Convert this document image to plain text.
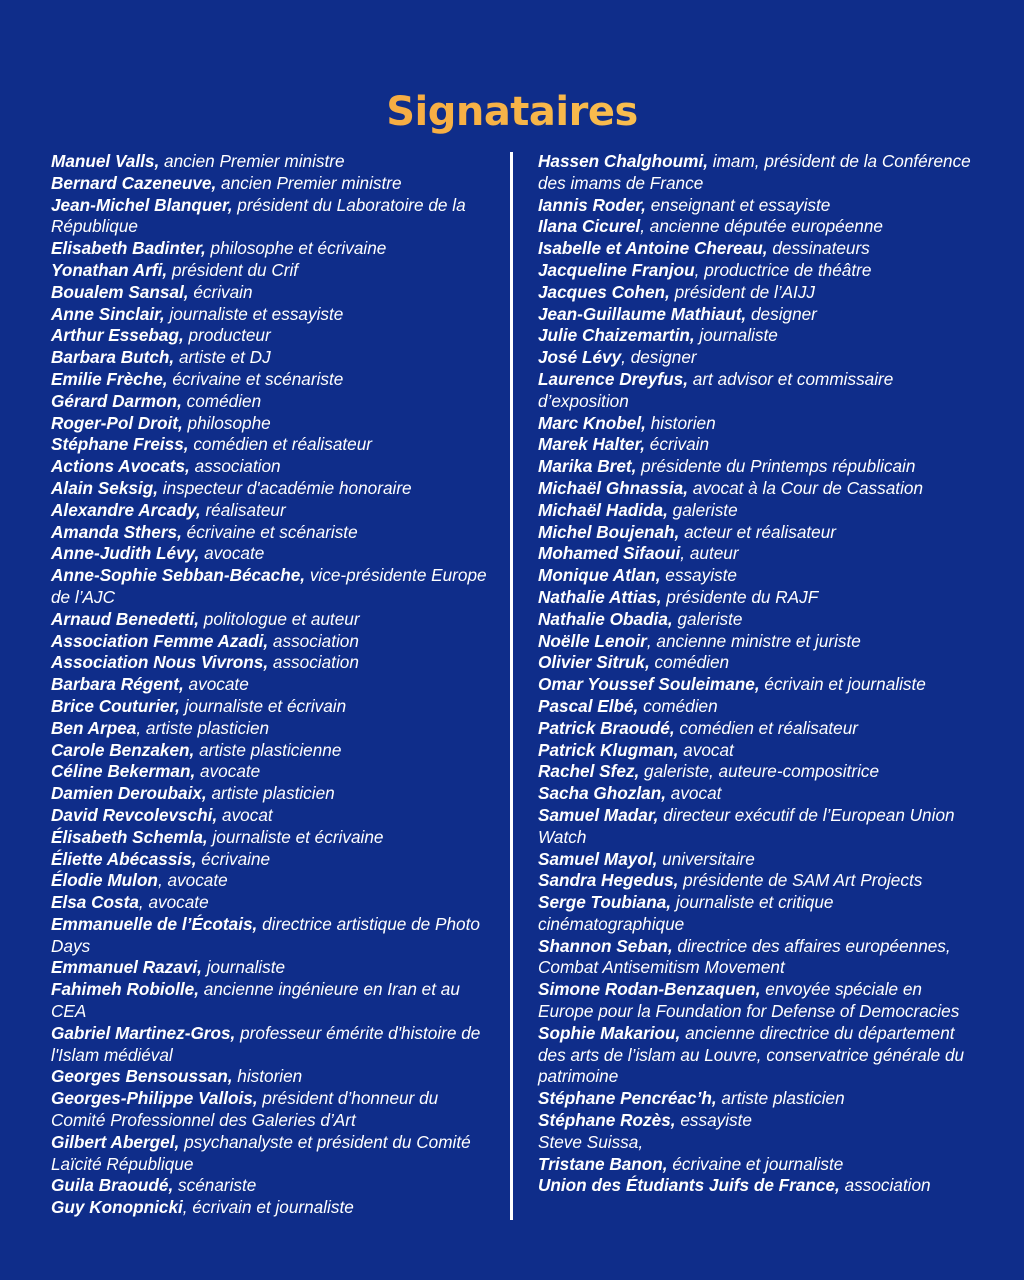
Signataires

Manuel Valls, ancien Premier ministre

Bernard Cazeneuve, ancien Premier ministre

Jean-Michel Blanquer, président du Laboratoire de la République

Elisabeth Badinter, philosophe et écrivaine

Yonathan Arfi, président du Crif

Boualem Sansal, écrivain

Anne Sinclair, journaliste et essayiste

Arthur Essebag, producteur

Barbara Butch, artiste et DJ

Emilie Frèche, écrivaine et scénariste

Gérard Darmon, comédien

Roger-Pol Droit, philosophe

Stéphane Freiss, comédien et réalisateur

Actions Avocats, association

Alain Seksig, inspecteur d'académie honoraire

Alexandre Arcady, réalisateur

Amanda Sthers, écrivaine et scénariste

Anne-Judith Lévy, avocate

Anne-Sophie Sebban-Bécache, vice-présidente Europe de l’AJC

Arnaud Benedetti, politologue et auteur

Association Femme Azadi, association

Association Nous Vivrons, association

Barbara Régent, avocate

Brice Couturier, journaliste et écrivain

Ben Arpea, artiste plasticien

Carole Benzaken, artiste plasticienne

Céline Bekerman, avocate

Damien Deroubaix, artiste plasticien

David Revcolevschi, avocat

Élisabeth Schemla, journaliste et écrivaine

Éliette Abécassis, écrivaine

Élodie Mulon, avocate

Elsa Costa, avocate

Emmanuelle de l’Écotais, directrice artistique de Photo Days

Emmanuel Razavi, journaliste

Fahimeh Robiolle, ancienne ingénieure en Iran et au CEA

Gabriel Martinez-Gros, professeur émérite d'histoire de l'Islam médiéval

Georges Bensoussan, historien

Georges-Philippe Vallois, président d’honneur du Comité Professionnel des Galeries d’Art

Gilbert Abergel, psychanalyste et président du Comité Laïcité République

Guila Braoudé, scénariste

Guy Konopnicki, écrivain et journaliste

Hassen Chalghoumi, imam, président de la Conférence des imams de France

Iannis Roder, enseignant et essayiste

Ilana Cicurel, ancienne députée européenne

Isabelle et Antoine Chereau, dessinateurs

Jacqueline Franjou, productrice de théâtre

Jacques Cohen, président de l’AIJJ

Jean-Guillaume Mathiaut, designer

Julie Chaizemartin, journaliste

José Lévy, designer

Laurence Dreyfus, art advisor et commissaire d’exposition

Marc Knobel, historien

Marek Halter, écrivain

Marika Bret, présidente du Printemps républicain

Michaël Ghnassia, avocat à la Cour de Cassation

Michaël Hadida, galeriste

Michel Boujenah, acteur et réalisateur

Mohamed Sifaoui, auteur

Monique Atlan, essayiste

Nathalie Attias, présidente du RAJF

Nathalie Obadia, galeriste

Noëlle Lenoir, ancienne ministre et juriste

Olivier Sitruk, comédien

Omar Youssef Souleimane, écrivain et journaliste

Pascal Elbé, comédien

Patrick Braoudé, comédien et réalisateur

Patrick Klugman, avocat

Rachel Sfez, galeriste, auteure-compositrice

Sacha Ghozlan, avocat

Samuel Madar, directeur exécutif de l’European Union Watch

Samuel Mayol, universitaire

Sandra Hegedus, présidente de SAM Art Projects

Serge Toubiana, journaliste et critique cinématographique

Shannon Seban, directrice des affaires européennes, Combat Antisemitism Movement

Simone Rodan-Benzaquen, envoyée spéciale en Europe pour la Foundation for Defense of Democracies

Sophie Makariou, ancienne directrice du département des arts de l’islam au Louvre, conservatrice générale du patrimoine

Stéphane Pencréac’h, artiste plasticien

Stéphane Rozès, essayiste

Steve Suissa,

Tristane Banon, écrivaine et journaliste

Union des Étudiants Juifs de France, association
